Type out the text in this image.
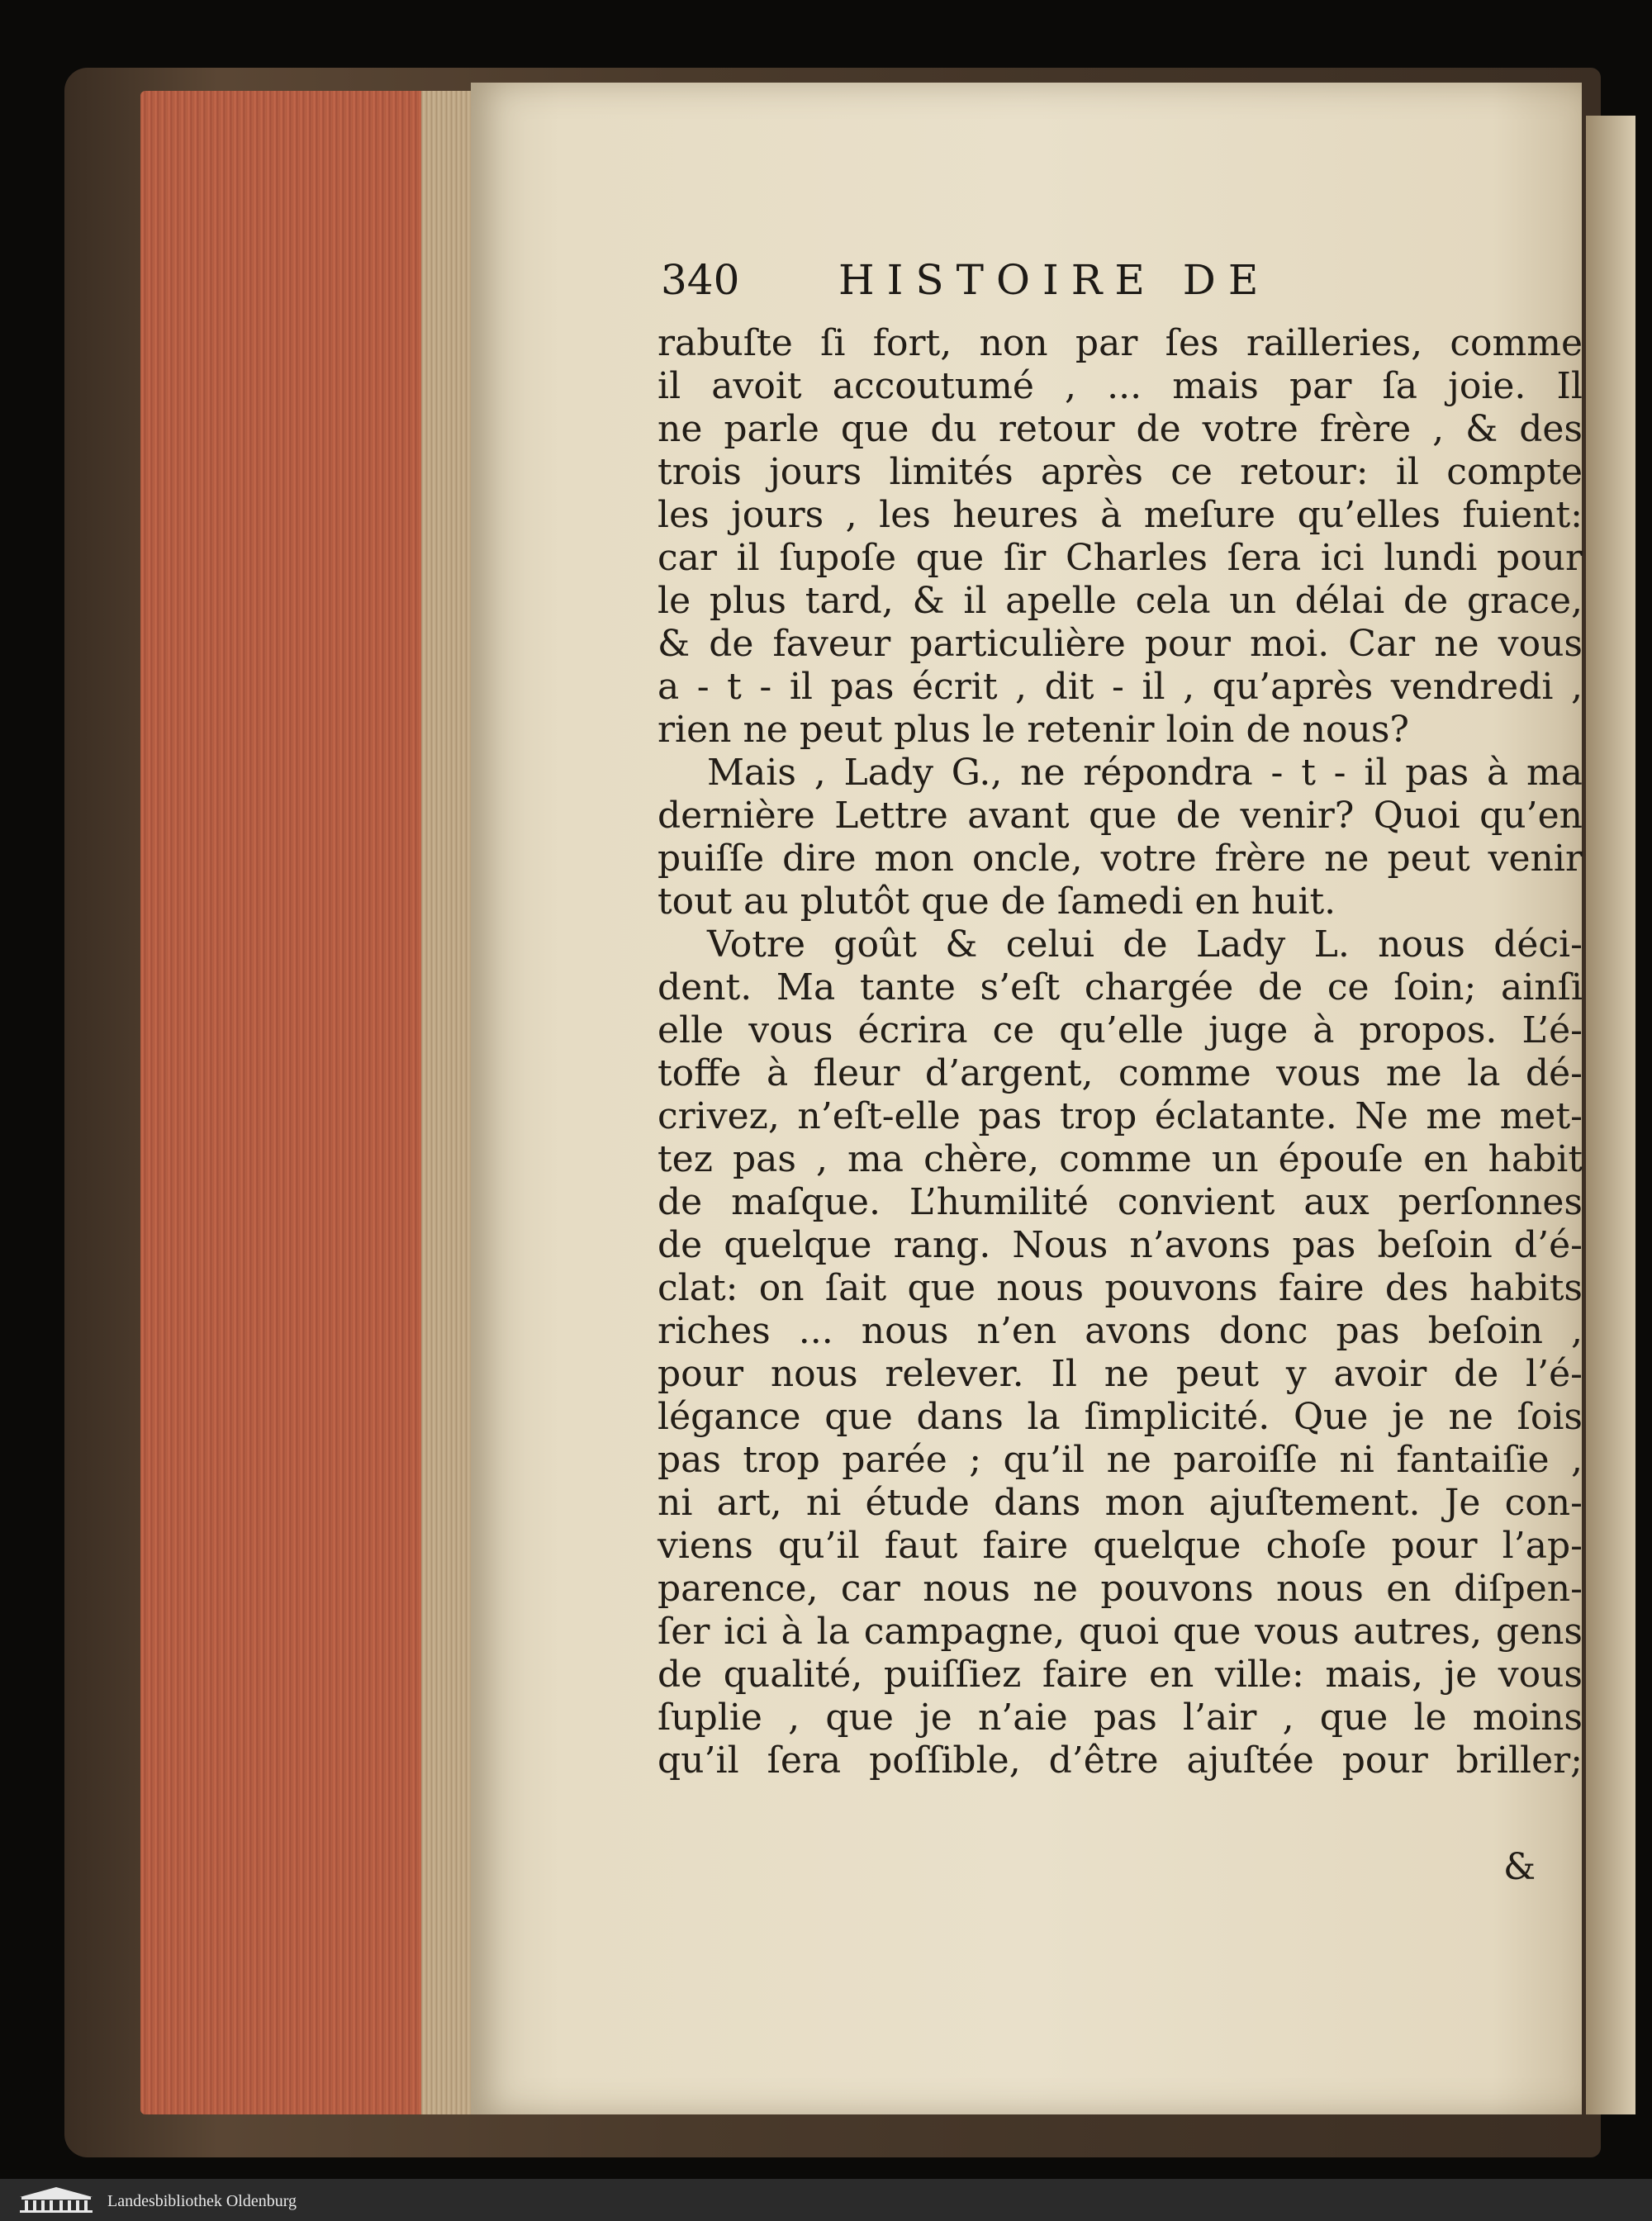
340 HISTOIRE DE
rabuſte ſi fort, non par ſes railleries, comme
il avoit accoutumé , ... mais par ſa joie. Il
ne parle que du retour de votre frère , & des
trois jours limités après ce retour: il compte
les jours , les heures à meſure qu’elles fuient:
car il ſupoſe que ſir Charles ſera ici lundi pour
le plus tard, & il apelle cela un délai de grace,
& de faveur particulière pour moi. Car ne vous
a - t - il pas écrit , dit - il , qu’après vendredi ,
rien ne peut plus le retenir loin de nous?
Mais , Lady G., ne répondra - t - il pas à ma
dernière Lettre avant que de venir? Quoi qu’en
puiſſe dire mon oncle, votre frère ne peut venir
tout au plutôt que de ſamedi en huit.
Votre goût & celui de Lady L. nous déci-
dent. Ma tante s’eſt chargée de ce ſoin; ainſi
elle vous écrira ce qu’elle juge à propos. L’é-
toffe à fleur d’argent, comme vous me la dé-
crivez, n’eſt-elle pas trop éclatante. Ne me met-
tez pas , ma chère, comme un épouſe en habit
de maſque. L’humilité convient aux perſonnes
de quelque rang. Nous n’avons pas beſoin d’é-
clat: on ſait que nous pouvons faire des habits
riches ... nous n’en avons donc pas beſoin ,
pour nous relever. Il ne peut y avoir de l’é-
légance que dans la ſimplicité. Que je ne ſois
pas trop parée ; qu’il ne paroiſſe ni fantaiſie ,
ni art, ni étude dans mon ajuſtement. Je con-
viens qu’il faut faire quelque choſe pour l’ap-
parence, car nous ne pouvons nous en diſpen-
ſer ici à la campagne, quoi que vous autres, gens
de qualité, puiſſiez faire en ville: mais, je vous
ſuplie , que je n’aie pas l’air , que le moins
qu’il ſera poſſible, d’être ajuſtée pour briller;
&
Landesbibliothek Oldenburg
